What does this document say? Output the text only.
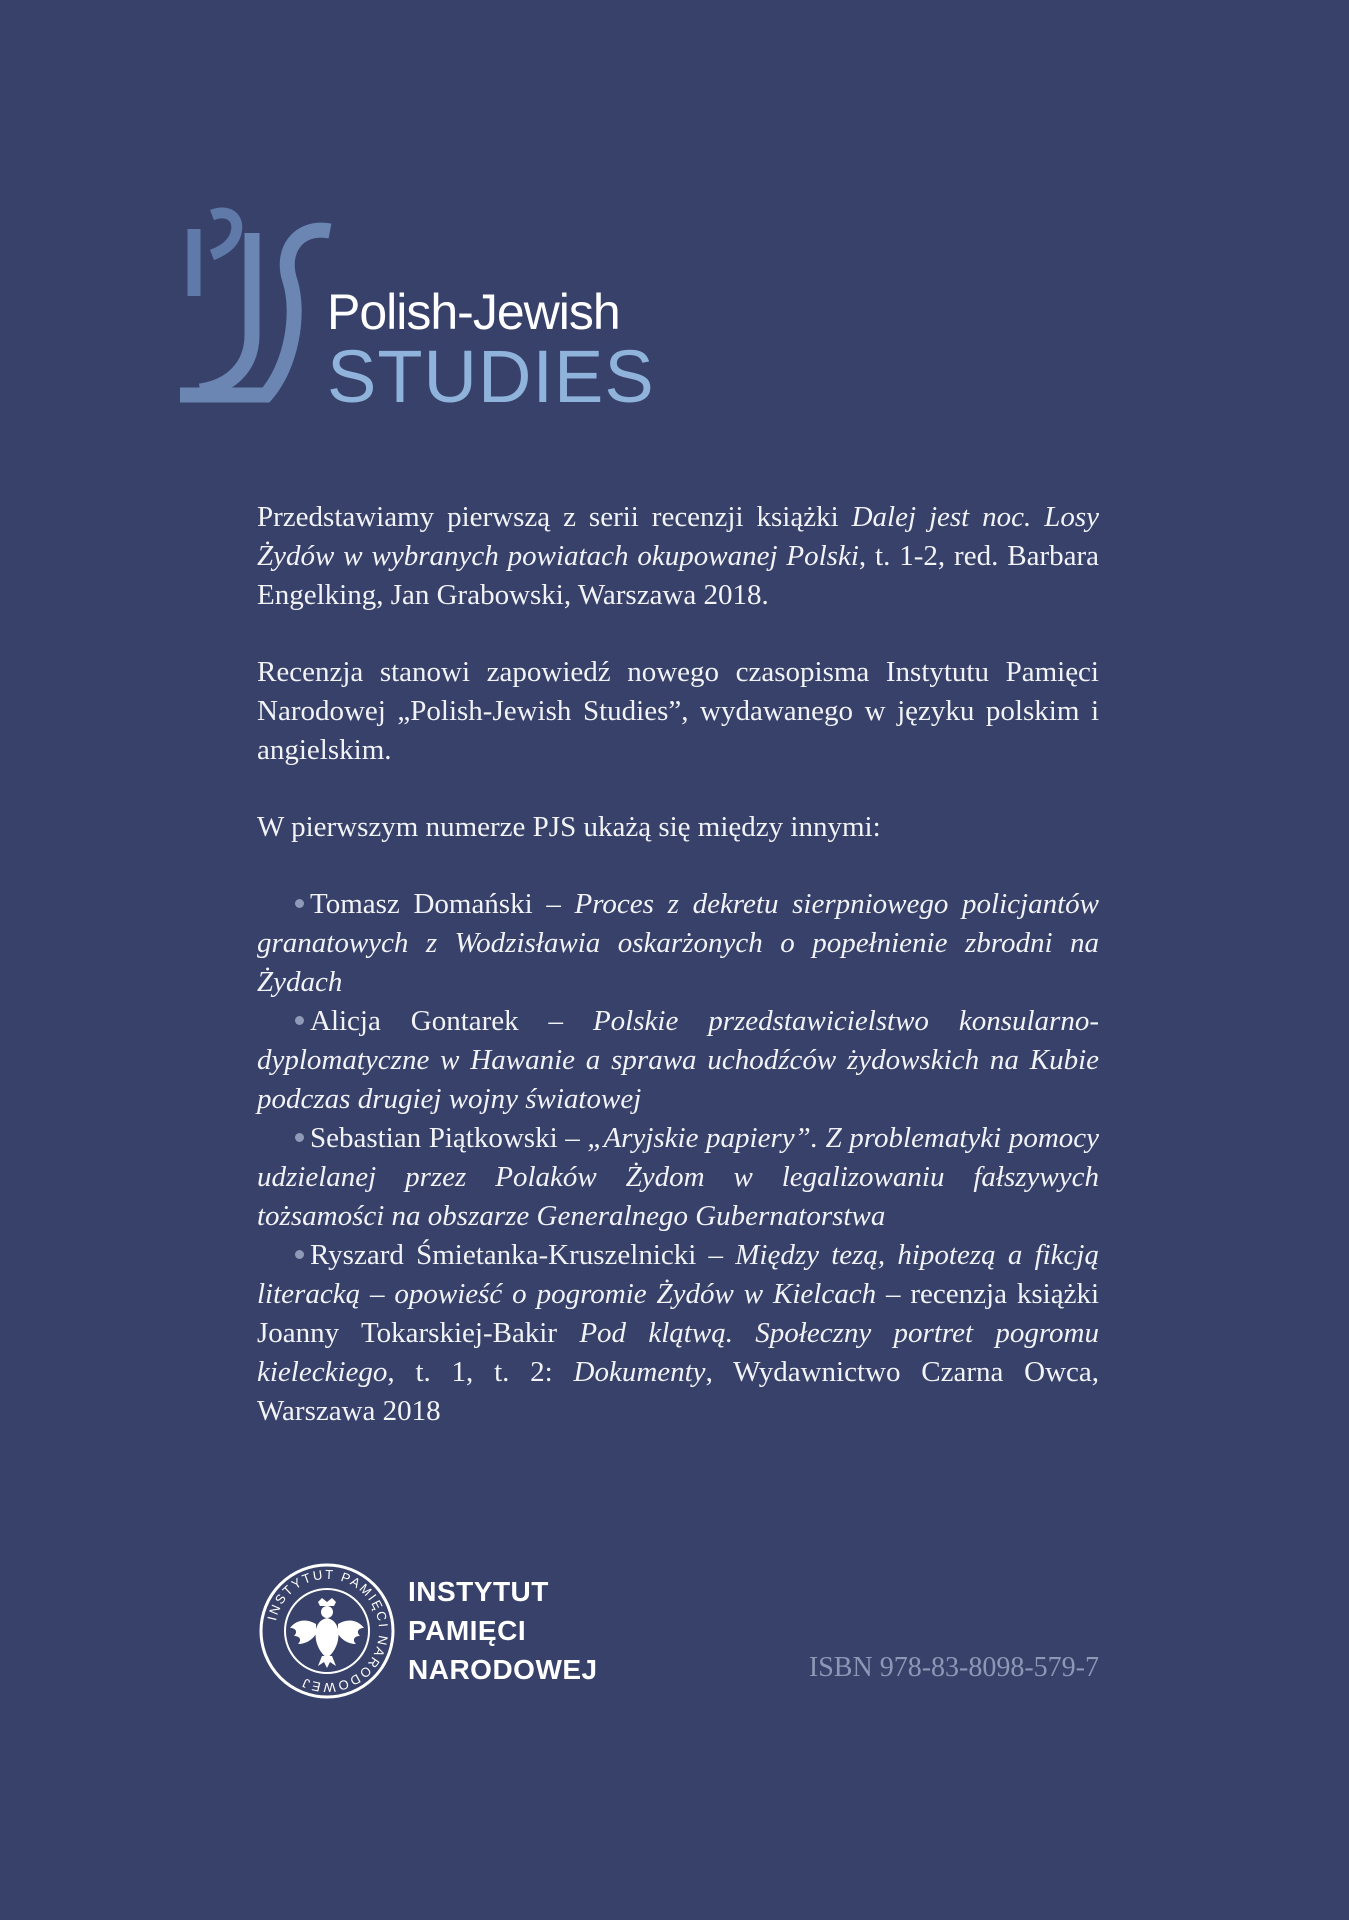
Polish-Jewish
STUDIES

Przedstawiamy pierwszą z serii recenzji książki Dalej jest noc. Losy Żydów w wybranych powiatach okupowanej Polski, t. 1-2, red. Barbara Engelking, Jan Grabowski, Warszawa 2018.

Recenzja stanowi zapowiedź nowego czasopisma Instytutu Pamięci Narodowej „Polish-Jewish Studies”, wydawanego w języku polskim i angielskim.

W pierwszym numerze PJS ukażą się między innymi:

Tomasz Domański – Proces z dekretu sierpniowego policjantów granatowych z Wodzisławia oskarżonych o popełnienie zbrodni na Żydach

Alicja Gontarek – Polskie przedstawicielstwo konsularno-dyplomatyczne w Hawanie a sprawa uchodźców żydowskich na Kubie podczas drugiej wojny światowej

Sebastian Piątkowski – „Aryjskie papiery”. Z problematyki pomocy udzielanej przez Polaków Żydom w legalizowaniu fałszywych tożsamości na obszarze Generalnego Gubernatorstwa

Ryszard Śmietanka-Kruszelnicki – Między tezą, hipotezą a fikcją literacką – opowieść o pogromie Żydów w Kielcach – recenzja książki Joanny Tokarskiej-Bakir Pod klątwą. Społeczny portret pogromu kieleckiego, t. 1, t. 2: Dokumenty, Wydawnictwo Czarna Owca, Warszawa 2018

INSTYTUT PAMIĘCI NARODOWEJ
INSTYTUT
PAMIĘCI
NARODOWEJ	ISBN 978-83-8098-579-7
